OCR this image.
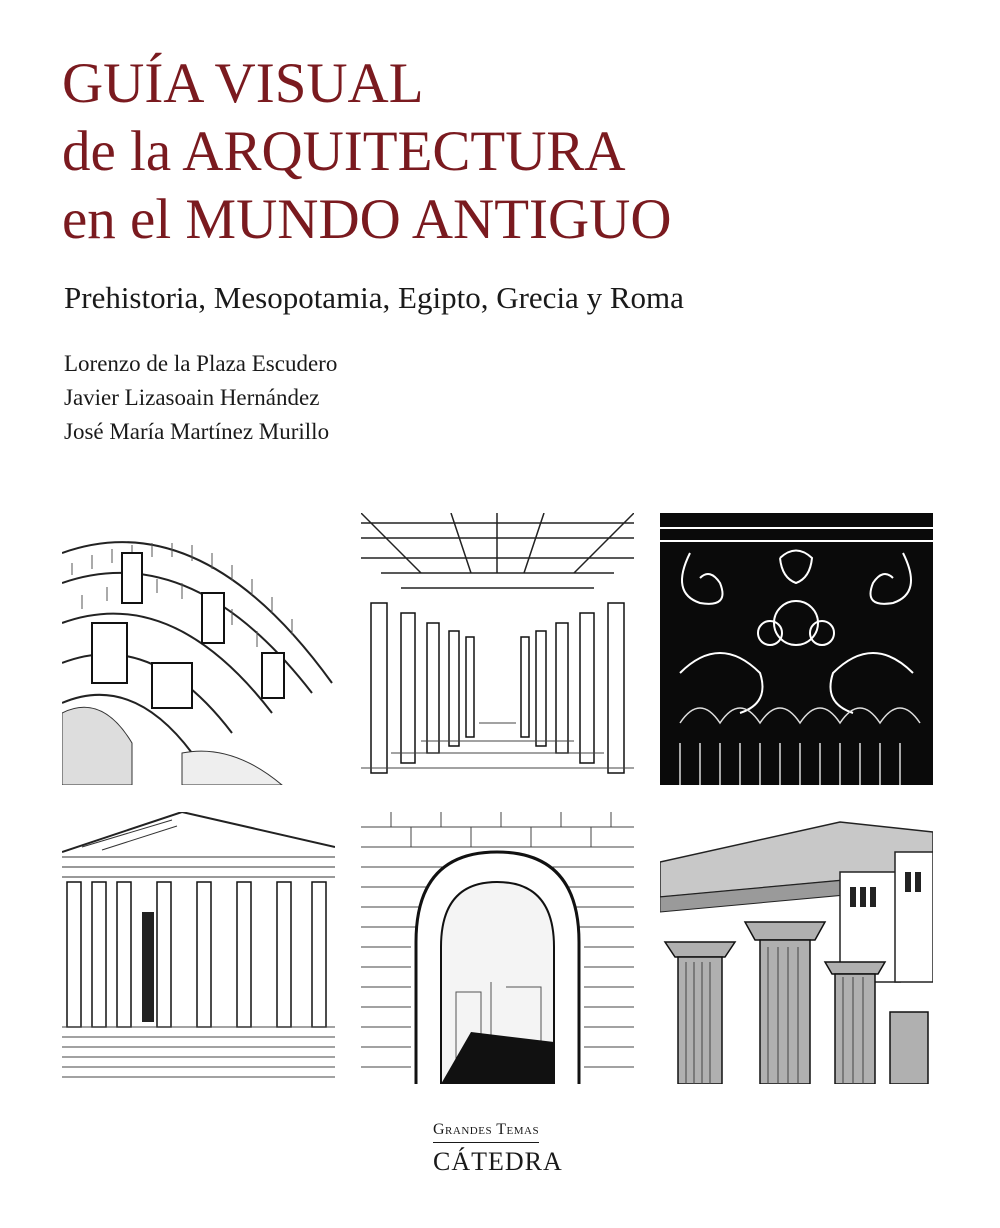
GUÍA VISUAL
de la ARQUITECTURA
en el MUNDO ANTIGUO
Prehistoria, Mesopotamia, Egipto, Grecia y Roma
Lorenzo de la Plaza Escudero
Javier Lizasoain Hernández
José María Martínez Murillo
Grandes Temas
CÁTEDRA
